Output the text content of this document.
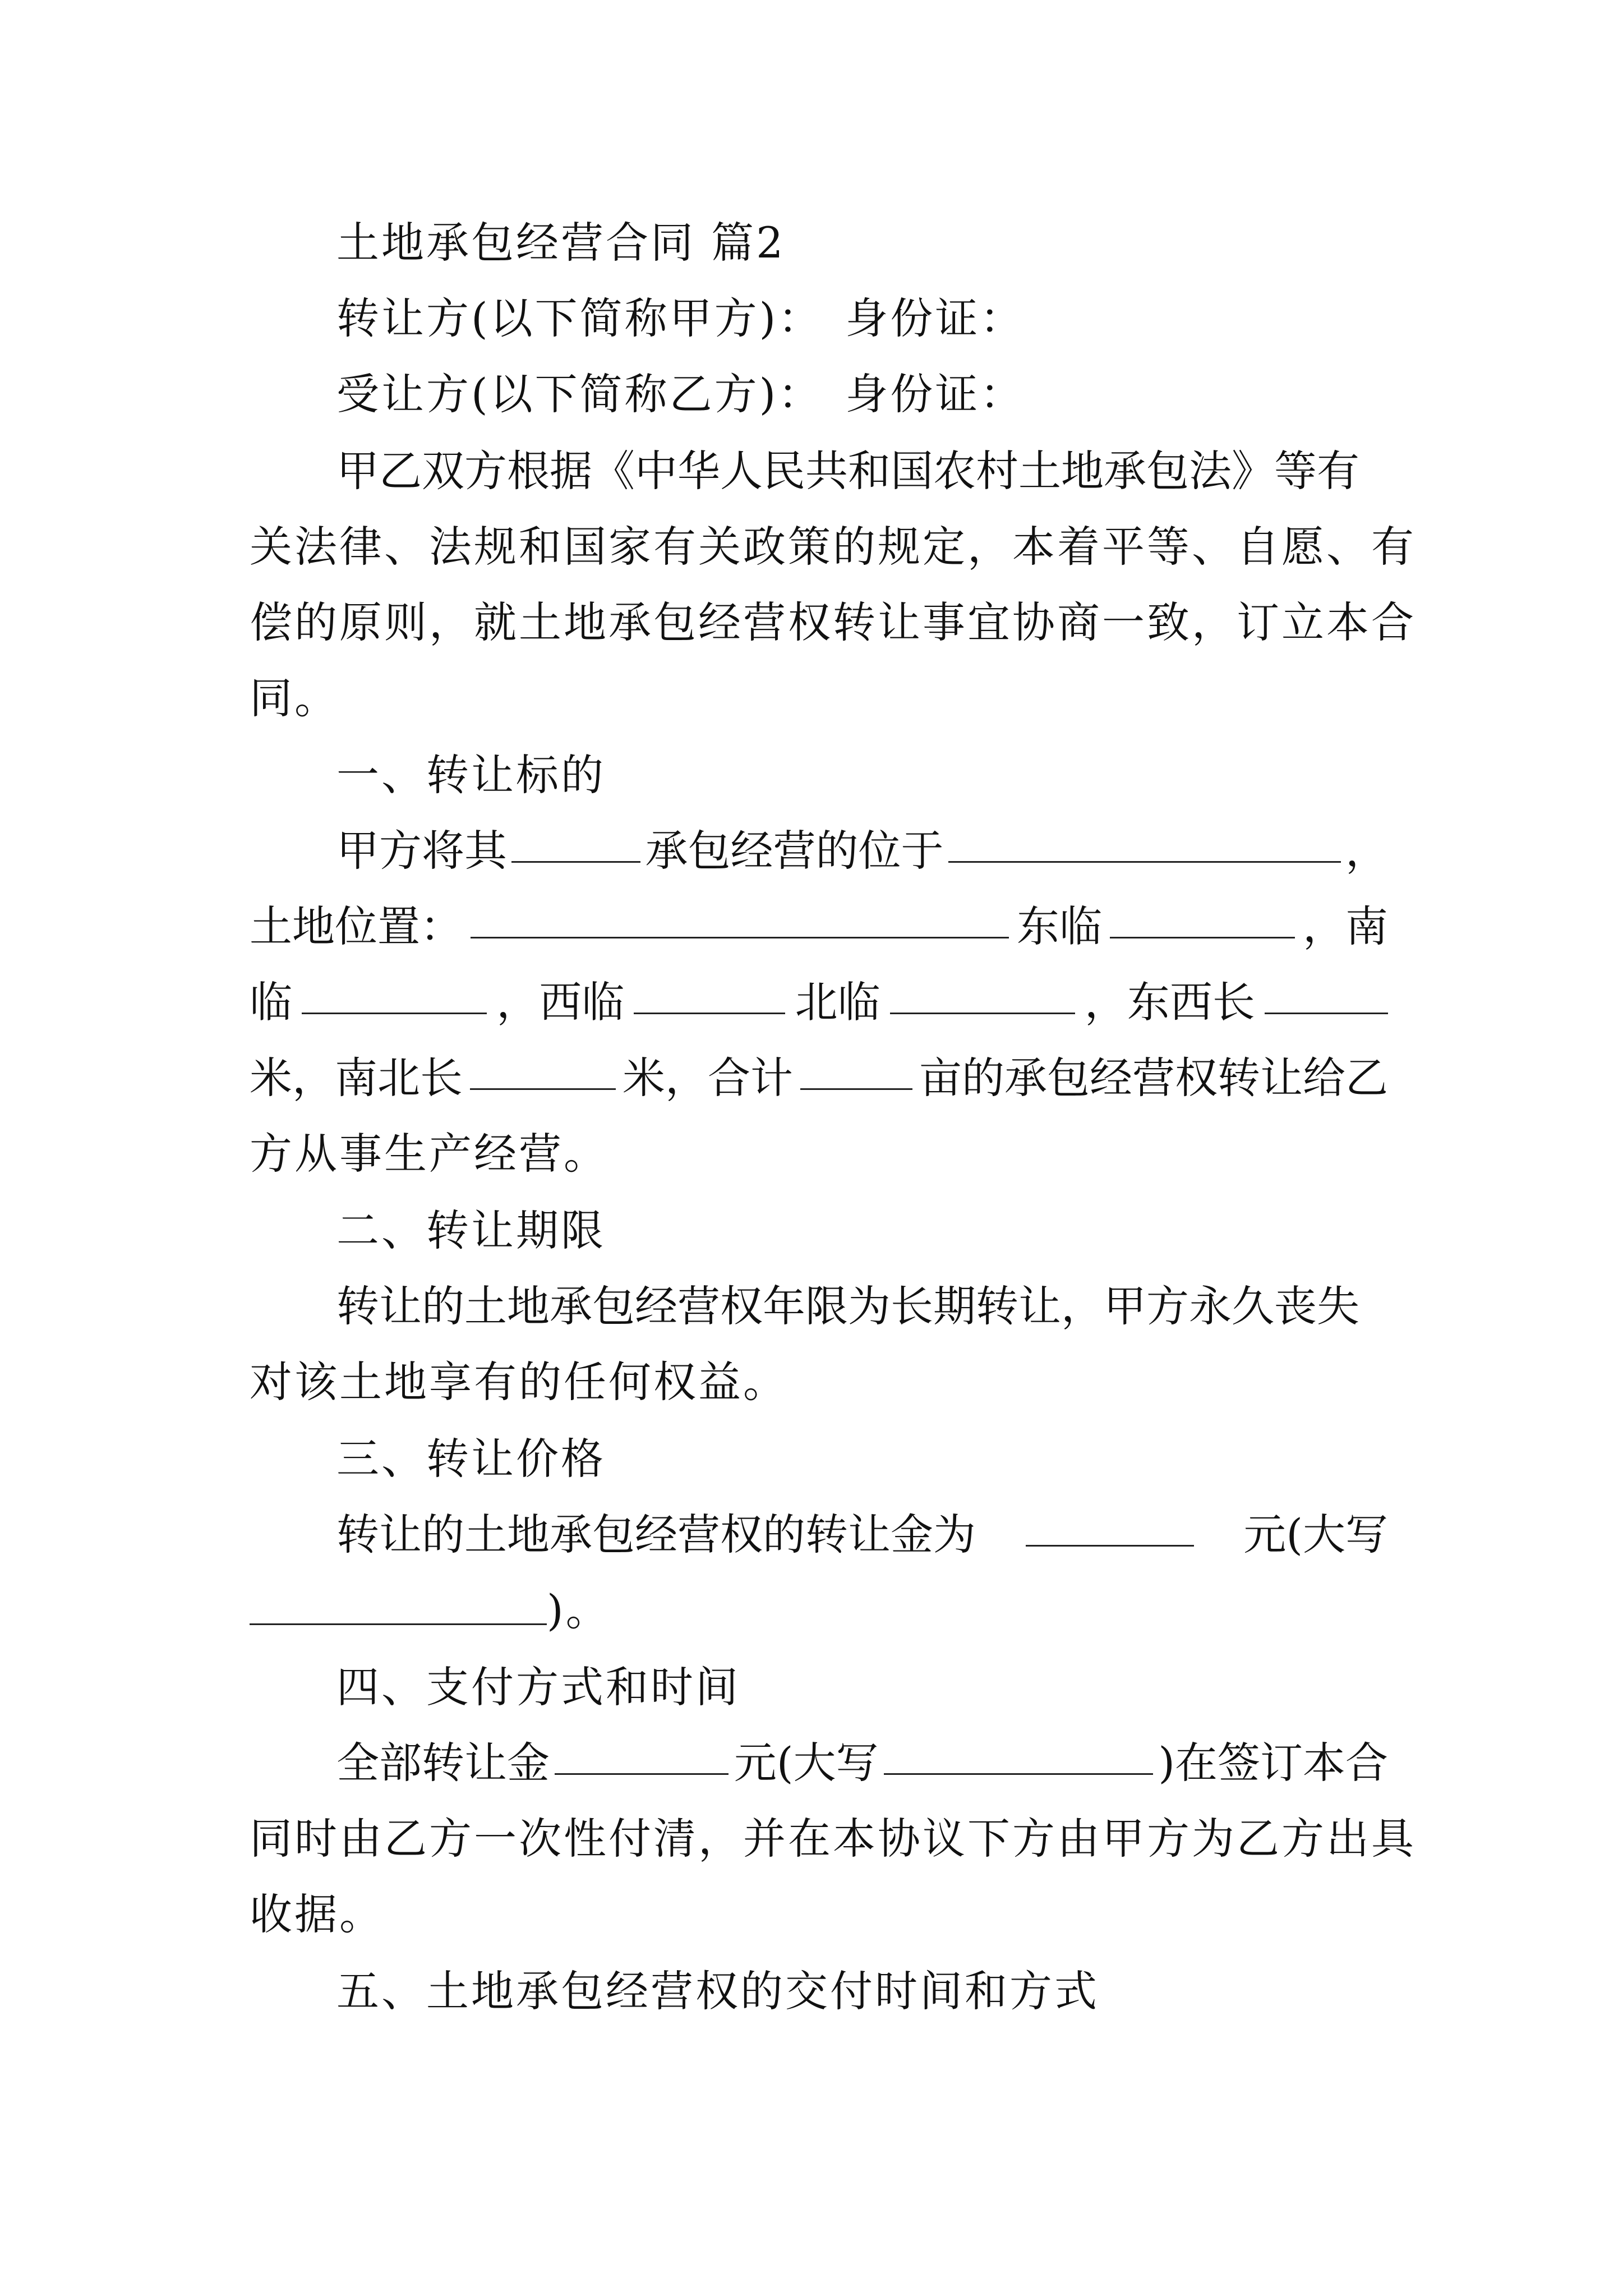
土地承包经营合同 篇2
转让方(以下简称甲方)： 身份证：
受让方(以下简称乙方)： 身份证：
甲乙双方根据《中华人民共和国农村土地承包法》等有
关法律、法规和国家有关政策的规定，本着平等、自愿、有
偿的原则，就土地承包经营权转让事宜协商一致，订立本合
同。
一、转让标的
甲方将其	承包经营的位于	，
土地位置：	东临	，南
临	，西临	北临	，东西长
米，南北长	米，合计	亩的承包经营权转让给乙
方从事生产经营。
二、转让期限
转让的土地承包经营权年限为长期转让，甲方永久丧失
对该土地享有的任何权益。
三、转让价格
转让的土地承包经营权的转让金为	元(大写
)。
四、支付方式和时间
全部转让金	元(大写	)在签订本合
同时由乙方一次性付清，并在本协议下方由甲方为乙方出具
收据。
五、土地承包经营权的交付时间和方式
